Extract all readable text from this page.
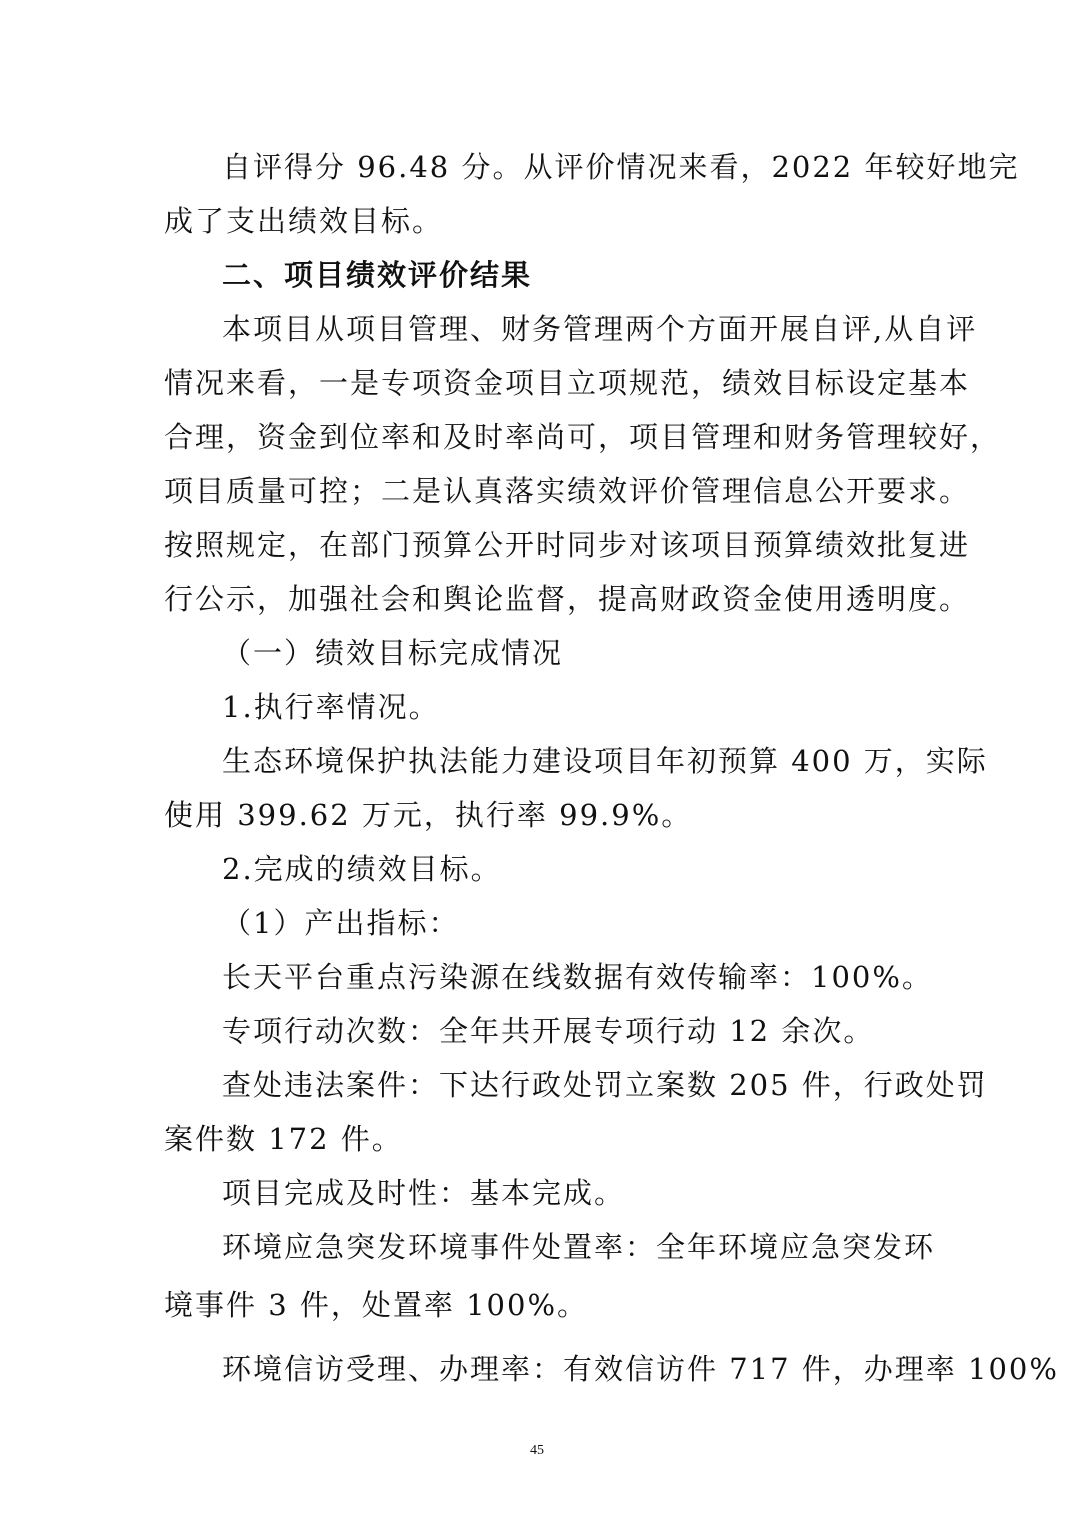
自评得分 96.48 分。从评价情况来看，2022 年较好地完
成了支出绩效目标。
二、项目绩效评价结果
本项目从项目管理、财务管理两个方面开展自评,从自评
情况来看，一是专项资金项目立项规范，绩效目标设定基本
合理，资金到位率和及时率尚可，项目管理和财务管理较好，
项目质量可控；二是认真落实绩效评价管理信息公开要求。
按照规定，在部门预算公开时同步对该项目预算绩效批复进
行公示，加强社会和舆论监督，提高财政资金使用透明度。
（一）绩效目标完成情况
1.执行率情况。
生态环境保护执法能力建设项目年初预算 400 万，实际
使用 399.62 万元，执行率 99.9%。
2.完成的绩效目标。
（1）产出指标：
长天平台重点污染源在线数据有效传输率：100%。
专项行动次数：全年共开展专项行动 12 余次。
查处违法案件：下达行政处罚立案数 205 件，行政处罚
案件数 172 件。
项目完成及时性：基本完成。
环境应急突发环境事件处置率：全年环境应急突发环
境事件 3 件，处置率 100%。
环境信访受理、办理率：有效信访件 717 件，办理率 100%
45
